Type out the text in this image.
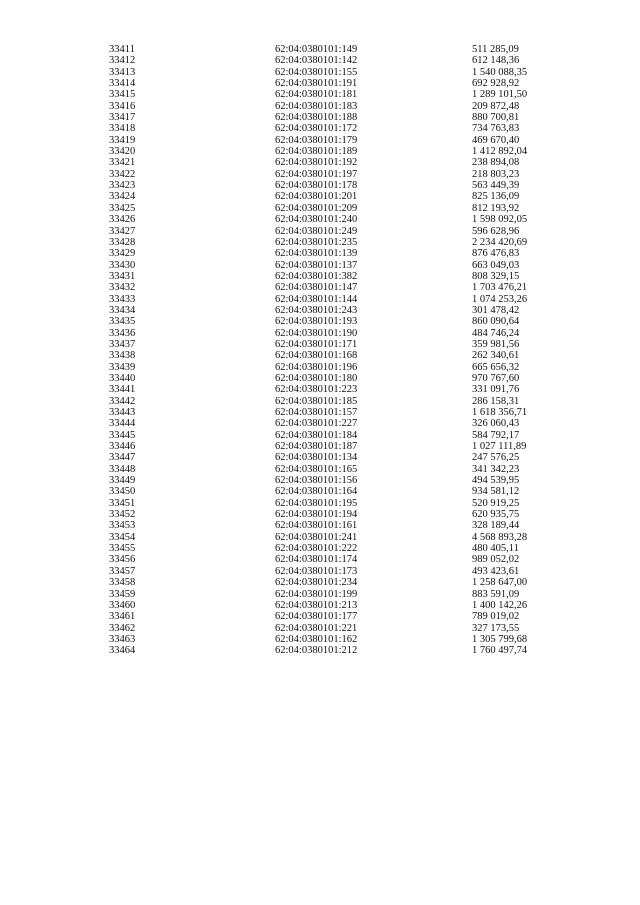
33411	62:04:0380101:149	511 285,09
33412	62:04:0380101:142	612 148,36
33413	62:04:0380101:155	1 540 088,35
33414	62:04:0380101:191	692 928,92
33415	62:04:0380101:181	1 289 101,50
33416	62:04:0380101:183	209 872,48
33417	62:04:0380101:188	880 700,81
33418	62:04:0380101:172	734 763,83
33419	62:04:0380101:179	469 670,40
33420	62:04:0380101:189	1 412 892,04
33421	62:04:0380101:192	238 894,08
33422	62:04:0380101:197	218 803,23
33423	62:04:0380101:178	563 449,39
33424	62:04:0380101:201	825 136,09
33425	62:04:0380101:209	812 193,92
33426	62:04:0380101:240	1 598 092,05
33427	62:04:0380101:249	596 628,96
33428	62:04:0380101:235	2 234 420,69
33429	62:04:0380101:139	876 476,83
33430	62:04:0380101:137	663 049,03
33431	62:04:0380101:382	808 329,15
33432	62:04:0380101:147	1 703 476,21
33433	62:04:0380101:144	1 074 253,26
33434	62:04:0380101:243	301 478,42
33435	62:04:0380101:193	860 090,64
33436	62:04:0380101:190	484 746,24
33437	62:04:0380101:171	359 981,56
33438	62:04:0380101:168	262 340,61
33439	62:04:0380101:196	665 656,32
33440	62:04:0380101:180	970 767,60
33441	62:04:0380101:223	331 091,76
33442	62:04:0380101:185	286 158,31
33443	62:04:0380101:157	1 618 356,71
33444	62:04:0380101:227	326 060,43
33445	62:04:0380101:184	584 792,17
33446	62:04:0380101:187	1 027 111,89
33447	62:04:0380101:134	247 576,25
33448	62:04:0380101:165	341 342,23
33449	62:04:0380101:156	494 539,95
33450	62:04:0380101:164	934 581,12
33451	62:04:0380101:195	520 919,25
33452	62:04:0380101:194	620 935,75
33453	62:04:0380101:161	328 189,44
33454	62:04:0380101:241	4 568 893,28
33455	62:04:0380101:222	480 405,11
33456	62:04:0380101:174	989 052,02
33457	62:04:0380101:173	493 423,61
33458	62:04:0380101:234	1 258 647,00
33459	62:04:0380101:199	883 591,09
33460	62:04:0380101:213	1 400 142,26
33461	62:04:0380101:177	789 019,02
33462	62:04:0380101:221	327 173,55
33463	62:04:0380101:162	1 305 799,68
33464	62:04:0380101:212	1 760 497,74
